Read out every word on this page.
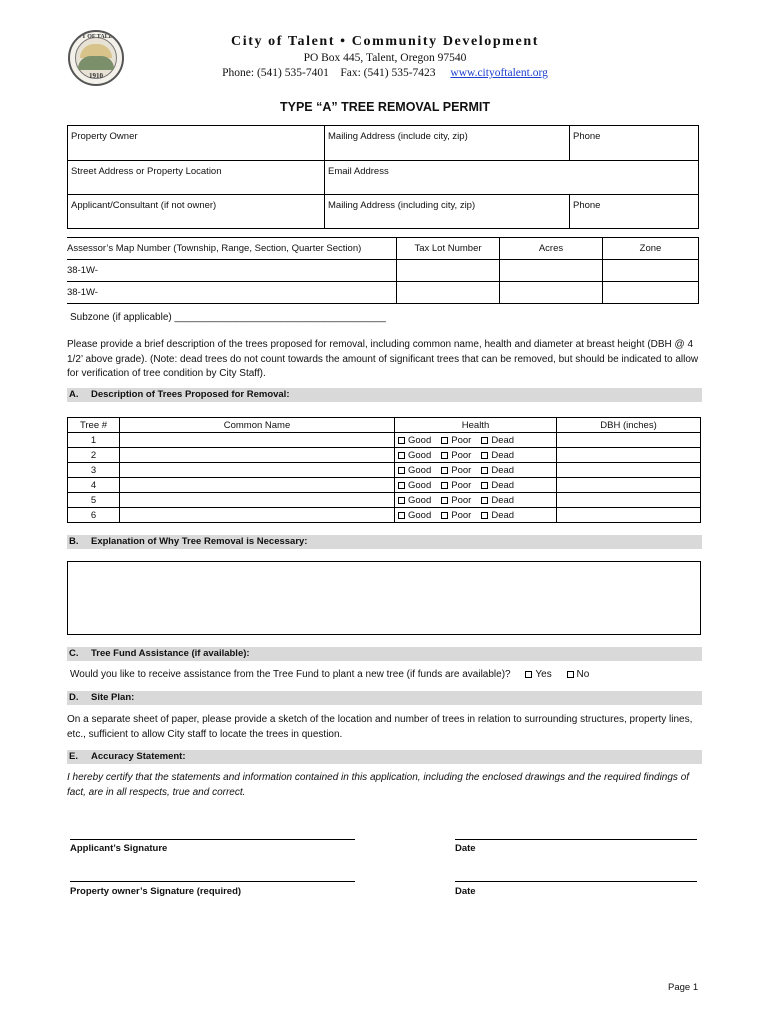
CITY OF TALENT
1910
City of Talent • Community Development
PO Box 445, Talent, Oregon 97540
Phone: (541) 535-7401 Fax: (541) 535-7423 www.cityoftalent.org
TYPE “A” TREE REMOVAL PERMIT
Property Owner	Mailing Address (include city, zip)	Phone
Street Address or Property Location	Email Address	
Applicant/Consultant (if not owner)	Mailing Address (including city, zip)	Phone
Assessor’s Map Number (Township, Range, Section, Quarter Section)	Tax Lot Number	Acres	Zone
38-1W-			
38-1W-			
Subzone (if applicable) ______________________________________
Please provide a brief description of the trees proposed for removal, including common name, health and diameter at breast height (DBH @ 4 1/2’ above grade). (Note: dead trees do not count towards the amount of significant trees that can be removed, but should be indicated to allow for verification of tree condition by City Staff).
A. Description of Trees Proposed for Removal:
Tree #	Common Name	Health	DBH (inches)
1		Good Poor Dead	
2		Good Poor Dead	
3		Good Poor Dead	
4		Good Poor Dead	
5		Good Poor Dead	
6		Good Poor Dead	
B. Explanation of Why Tree Removal is Necessary:
C. Tree Fund Assistance (if available):
Would you like to receive assistance from the Tree Fund to plant a new tree (if funds are available)? Yes No
D. Site Plan:
On a separate sheet of paper, please provide a sketch of the location and number of trees in relation to surrounding structures, property lines, etc., sufficient to allow City staff to locate the trees in question.
E. Accuracy Statement:
I hereby certify that the statements and information contained in this application, including the enclosed drawings and the required findings of fact, are in all respects, true and correct.
Applicant’s Signature	Date
Property owner’s Signature (required)	Date
Page 1
